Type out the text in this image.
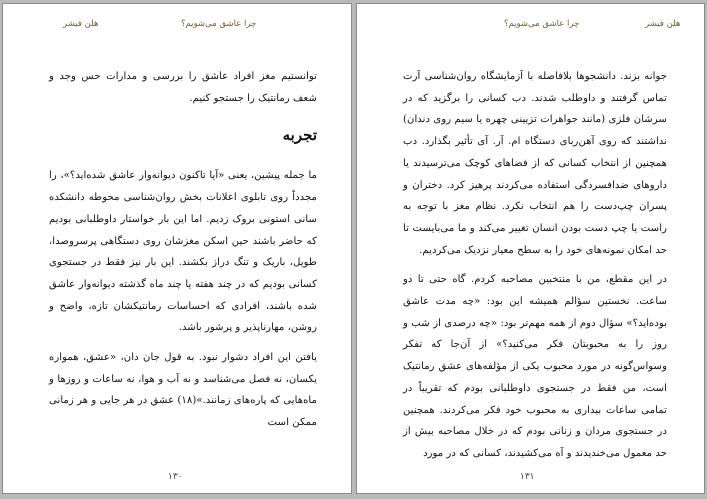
هلن فیشر	چرا عاشق می‌شویم؟

توانستیم مغز افراد عاشق را بررسی و مدارات حس وجد و شعف رمانتیک را جستجو کنیم.

تجربه

ما جمله پیشین، یعنی «آیا تاکنون دیوانه‌وار عاشق شده‌اید؟»، را مجدداً روی تابلوی اعلانات بخش روان‌شناسی محوطه دانشکده سانی استونی بروک زدیم. اما این بار خواستار داوطلبانی بودیم که حاضر باشند حین اسکن مغزشان روی دستگاهی پرسروصدا، طویل، باریک و تنگ دراز بکشند. این بار نیز فقط در جستجوی کسانی بودیم که در چند هفته یا چند ماه گذشته دیوانه‌وار عاشق شده باشند، افرادی که احساسات رمانتیکشان تازه، واضح و روشن، مهارناپذیر و پرشور باشد.

یافتن این افراد دشوار نبود. به قول جان دان، «عشق، همواره یکسان، نه فصل می‌شناسد و نه آب و هوا، نه ساعات و روزها و ماه‌هایی که پاره‌های زمانند.»(۱۸) عشق در هر جایی و هر زمانی ممکن است

۱۳۰
چرا عاشق می‌شویم؟	هلن فیشر

جوانه بزند. دانشجوها بلافاصله با آزمایشگاه روان‌شناسی آرت تماس گرفتند و داوطلب شدند. دب کسانی را برگزید که در سرشان فلزی (مانند جواهرات تزیینی چهره یا سیم روی دندان) نداشتند که روی آهن‌ربای دستگاه ام. آر. آی تأثیر بگذارد. دب همچنین از انتخاب کسانی که از فضاهای کوچک می‌ترسیدند یا داروهای ضدافسردگی استفاده می‌کردند پرهیز کرد. دختران و پسران چپ‌دست را هم انتخاب نکرد. نظام مغز با توجه به راست یا چپ دست بودن انسان تغییر می‌کند و ما می‌بایست تا حد امکان نمونه‌های خود را به سطح معیار نزدیک می‌کردیم.

در این مقطع، من با منتخبین مصاحبه کردم. گاه حتی تا دو ساعت. نخستین سؤالم همیشه این بود: «چه مدت عاشق بوده‌اید؟» سؤال دوم از همه مهم‌تر بود: «چه درصدی از شب و روز را به محبوبتان فکر می‌کنید؟» از آن‌جا که تفکر وسواس‌گونه در مورد محبوب یکی از مؤلفه‌های عشق رمانتیک است، من فقط در جستجوی داوطلبانی بودم که تقریباً در تمامی ساعات بیداری به محبوب خود فکر می‌کردند. همچنین در جستجوی مردان و زنانی بودم که در خلال مصاحبه بیش از حد معمول می‌خندیدند و آه می‌کشیدند، کسانی که در مورد

۱۳۱
